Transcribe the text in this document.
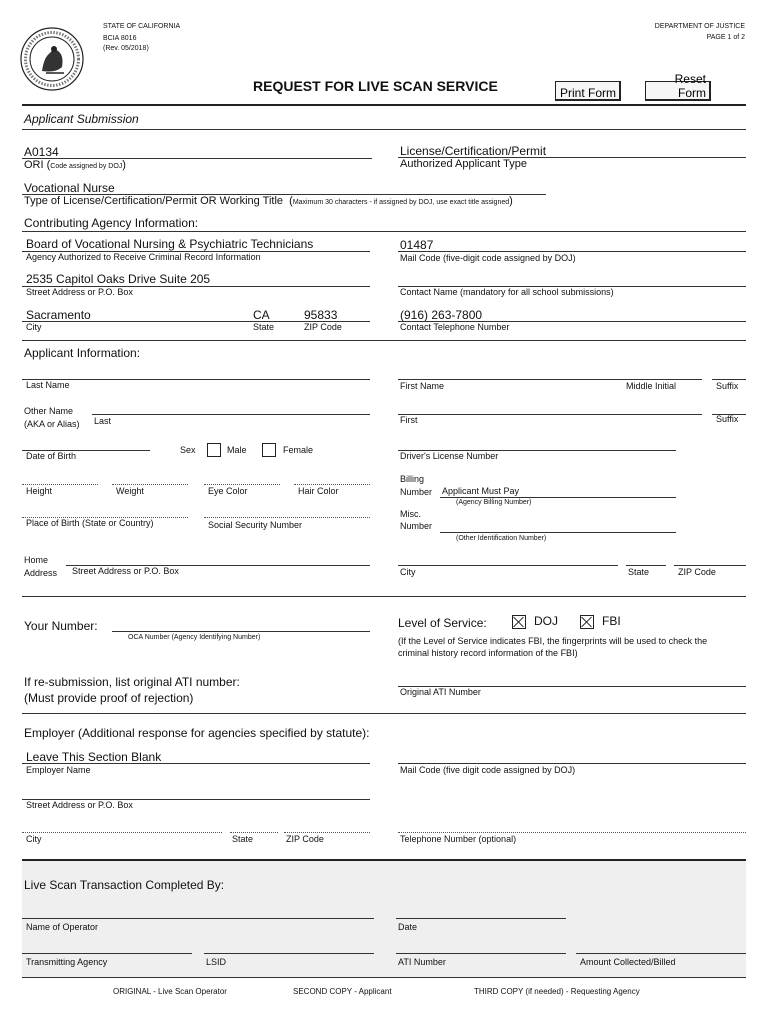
STATE OF CALIFORNIA
BCIA 8016
(Rev. 05/2018)
DEPARTMENT OF JUSTICE
PAGE 1 of 2
REQUEST FOR LIVE SCAN SERVICE	Print Form
Reset Form
Applicant Submission
A0134
ORI (Code assigned by DOJ)
License/Certification/Permit
Authorized Applicant Type
Vocational Nurse
Type of License/Certification/Permit OR Working Title (Maximum 30 characters - if assigned by DOJ, use exact title assigned)
Contributing Agency Information:
Board of Vocational Nursing & Psychiatric Technicians
Agency Authorized to Receive Criminal Record Information
01487
Mail Code (five-digit code assigned by DOJ)
2535 Capitol Oaks Drive Suite 205
Street Address or P.O. Box	Contact Name (mandatory for all school submissions)
Sacramento	CA	95833
City	State	ZIP Code
(916) 263-7800
Contact Telephone Number
Applicant Information:
Last Name	First Name	Middle Initial	Suffix
Other Name
(AKA or Alias) Last	First	Suffix
Date of Birth
Sex	Male	Female
Driver's License Number
Height	Weight	Eye Color	Hair Color
Billing
Number Applicant Must Pay
(Agency Billing Number)
Place of Birth (State or Country)	Social Security Number
Misc.
Number
(Other Identification Number)
Home
Address Street Address or P.O. Box	City	State	ZIP Code
Your Number:
OCA Number (Agency Identifying Number)
Level of Service:	DOJ	FBI
(If the Level of Service indicates FBI, the fingerprints will be used to check the
criminal history record information of the FBI)
If re-submission, list original ATI number:
(Must provide proof of rejection)	Original ATI Number
Employer (Additional response for agencies specified by statute):
Leave This Section Blank
Employer Name	Mail Code (five digit code assigned by DOJ)
Street Address or P.O. Box
City	State	ZIP Code	Telephone Number (optional)
Live Scan Transaction Completed By:
Name of Operator	Date
Transmitting Agency	LSID	ATI Number	Amount Collected/Billed
ORIGINAL - Live Scan Operator	SECOND COPY - Applicant	THIRD COPY (if needed) - Requesting Agency
